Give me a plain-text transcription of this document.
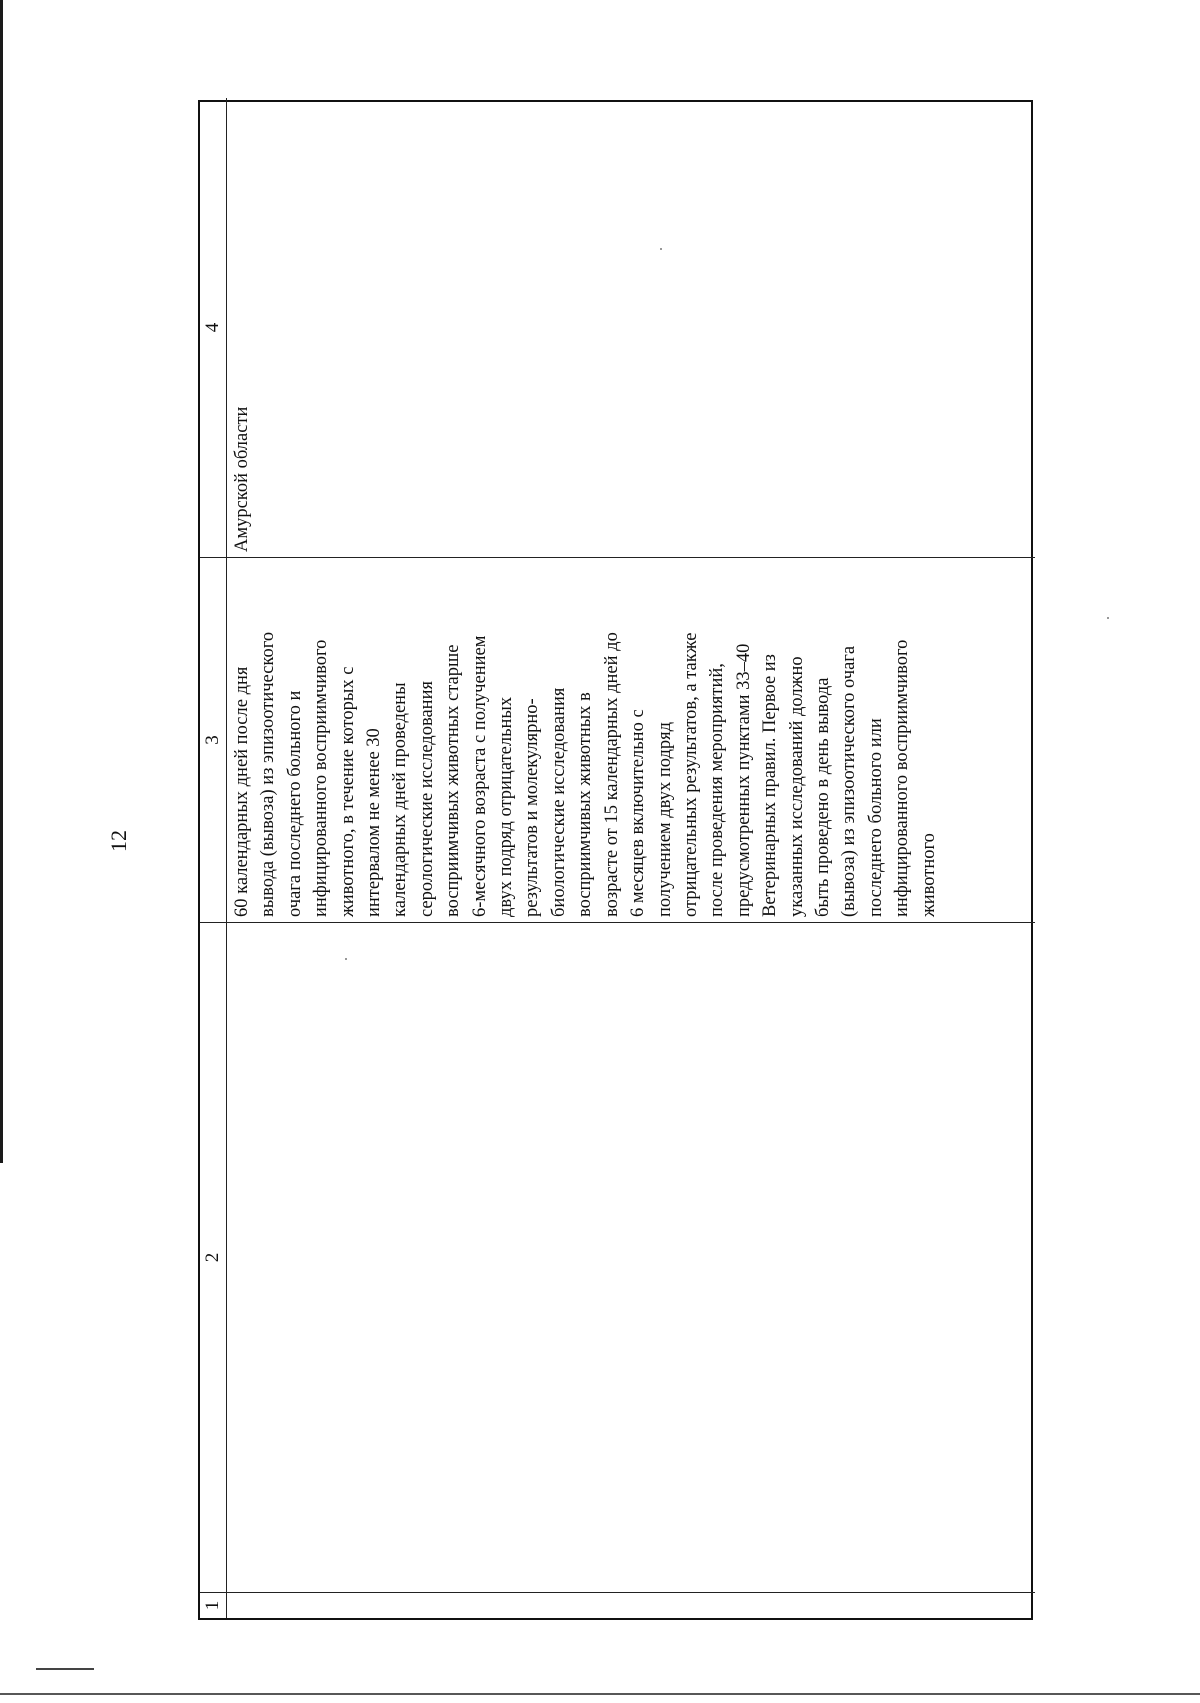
12
1
2
3
4
60 календарных дней после дня вывода (вывоза) из эпизоотического очага последнего больного и инфицированного восприимчивого животного, в течение которых с интервалом не менее 30 календарных дней проведены серологические исследования восприимчивых животных старше 6-месячного возраста с получением двух подряд отрицательных результатов и молекулярно- биологические исследования восприимчивых животных в возрасте от 15 календарных дней до 6 месяцев включительно с получением двух подряд отрицательных результатов, а также после проведения мероприятий, предусмотренных пунктами 33–40 Ветеринарных правил. Первое из указанных исследований должно быть проведено в день вывода (вывоза) из эпизоотического очага последнего больного или инфицированного восприимчивого животного
Амурской области
